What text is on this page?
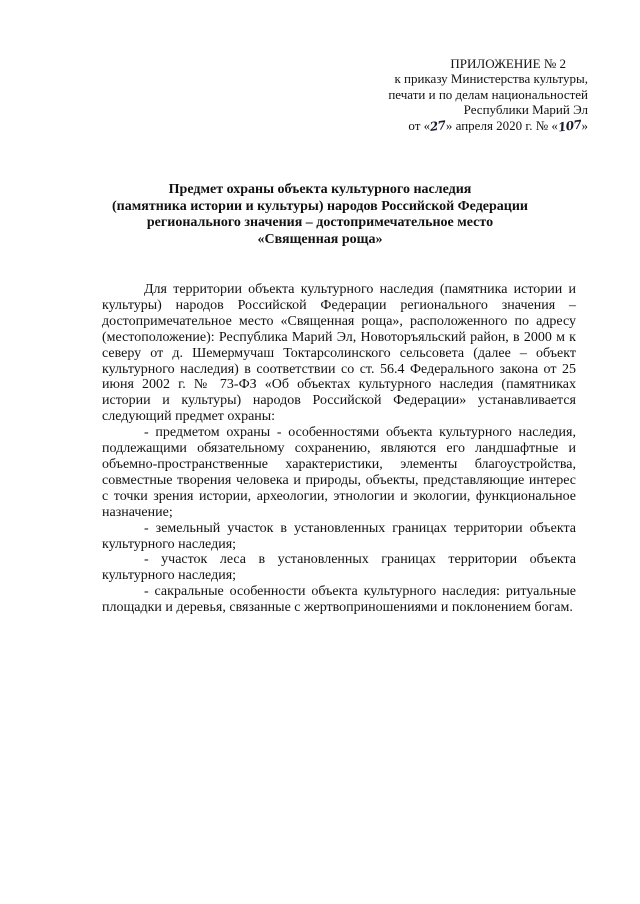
ПРИЛОЖЕНИЕ № 2
к приказу Министерства культуры,
печати и по делам национальностей
Республики Марий Эл
от «27» апреля 2020 г. № «107»
Предмет охраны объекта культурного наследия
(памятника истории и культуры) народов Российской Федерации
регионального значения – достопримечательное место
«Священная роща»

Для территории объекта культурного наследия (памятника истории и культуры) народов Российской Федерации регионального значения – достопримечательное место «Священная роща», расположенного по адресу (местоположение): Республика Марий Эл, Новоторъяльский район, в 2000 м к северу от д. Шемермучаш Токтарсолинского сельсовета (далее – объект культурного наследия) в соответствии со ст. 56.4 Федерального закона от 25 июня 2002 г. № 73-ФЗ «Об объектах культурного наследия (памятниках истории и культуры) народов Российской Федерации» устанавливается следующий предмет охраны:

- предметом охраны - особенностями объекта культурного наследия, подлежащими обязательному сохранению, являются его ландшафтные и объемно-пространственные характеристики, элементы благоустройства, совместные творения человека и природы, объекты, представляющие интерес с точки зрения истории, археологии, этнологии и экологии, функциональное назначение;

- земельный участок в установленных границах территории объекта культурного наследия;

- участок леса в установленных границах территории объекта культурного наследия;

- сакральные особенности объекта культурного наследия: ритуальные площадки и деревья, связанные с жертвоприношениями и поклонением богам.
